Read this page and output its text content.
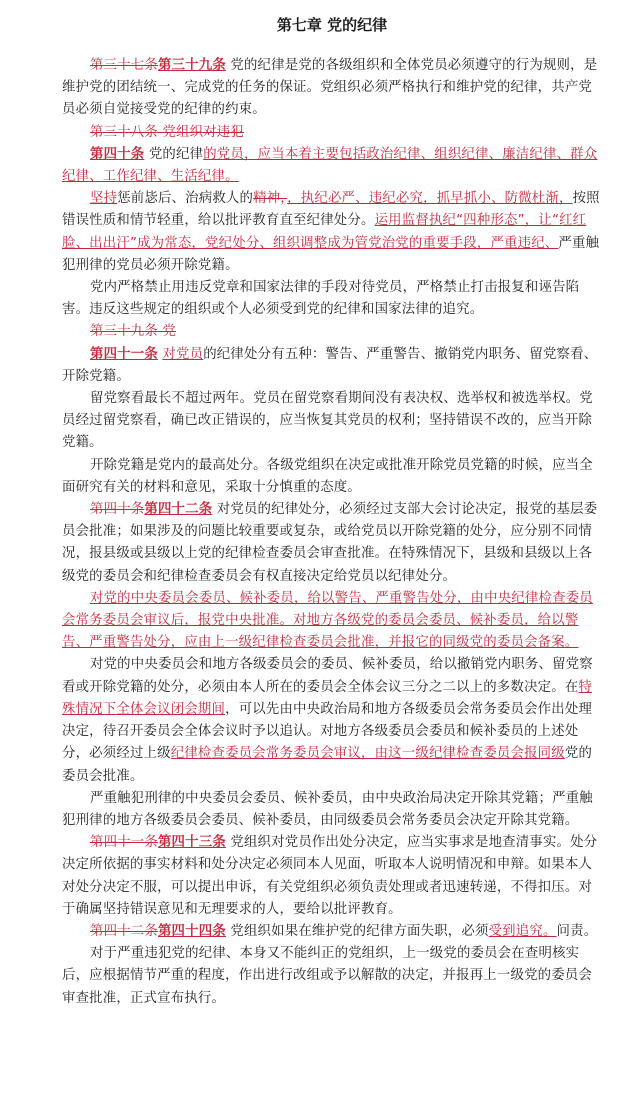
第七章 党的纪律

第三十七条第三十九条 党的纪律是党的各级组织和全体党员必须遵守的行为规则，是维护党的团结统一、完成党的任务的保证。党组织必须严格执行和维护党的纪律，共产党员必须自觉接受党的纪律的约束。

第三十八条 党组织对违犯

第四十条 党的纪律的党员，应当本着主要包括政治纪律、组织纪律、廉洁纪律、群众纪律、工作纪律、生活纪律。

坚持惩前毖后、治病救人的精神，，执纪必严、违纪必究，抓早抓小、防微杜渐，按照错误性质和情节轻重，给以批评教育直至纪律处分。运用监督执纪“四种形态”，让“红红脸、出出汗”成为常态，党纪处分、组织调整成为管党治党的重要手段，严重违纪、严重触犯刑律的党员必须开除党籍。

党内严格禁止用违反党章和国家法律的手段对待党员，严格禁止打击报复和诬告陷害。违反这些规定的组织或个人必须受到党的纪律和国家法律的追究。

第三十九条 党

第四十一条 对党员的纪律处分有五种：警告、严重警告、撤销党内职务、留党察看、开除党籍。

留党察看最长不超过两年。党员在留党察看期间没有表决权、选举权和被选举权。党员经过留党察看，确已改正错误的，应当恢复其党员的权利；坚持错误不改的，应当开除党籍。

开除党籍是党内的最高处分。各级党组织在决定或批准开除党员党籍的时候，应当全面研究有关的材料和意见，采取十分慎重的态度。

第四十条第四十二条 对党员的纪律处分，必须经过支部大会讨论决定，报党的基层委员会批准；如果涉及的问题比较重要或复杂，或给党员以开除党籍的处分，应分别不同情况，报县级或县级以上党的纪律检查委员会审查批准。在特殊情况下，县级和县级以上各级党的委员会和纪律检查委员会有权直接决定给党员以纪律处分。

对党的中央委员会委员、候补委员，给以警告、严重警告处分，由中央纪律检查委员会常务委员会审议后，报党中央批准。对地方各级党的委员会委员、候补委员，给以警告、严重警告处分，应由上一级纪律检查委员会批准，并报它的同级党的委员会备案。

对党的中央委员会和地方各级委员会的委员、候补委员，给以撤销党内职务、留党察看或开除党籍的处分，必须由本人所在的委员会全体会议三分之二以上的多数决定。在特殊情况下全体会议闭会期间，可以先由中央政治局和地方各级委员会常务委员会作出处理决定，待召开委员会全体会议时予以追认。对地方各级委员会委员和候补委员的上述处分，必须经过上级纪律检查委员会常务委员会审议，由这一级纪律检查委员会报同级党的委员会批准。

严重触犯刑律的中央委员会委员、候补委员，由中央政治局决定开除其党籍；严重触犯刑律的地方各级委员会委员、候补委员，由同级委员会常务委员会决定开除其党籍。

第四十一条第四十三条 党组织对党员作出处分决定，应当实事求是地查清事实。处分决定所依据的事实材料和处分决定必须同本人见面，听取本人说明情况和申辩。如果本人对处分决定不服，可以提出申诉，有关党组织必须负责处理或者迅速转递，不得扣压。对于确属坚持错误意见和无理要求的人，要给以批评教育。

第四十二条第四十四条 党组织如果在维护党的纪律方面失职，必须受到追究。问责。

对于严重违犯党的纪律、本身又不能纠正的党组织，上一级党的委员会在查明核实后，应根据情节严重的程度，作出进行改组或予以解散的决定，并报再上一级党的委员会审查批准，正式宣布执行。
